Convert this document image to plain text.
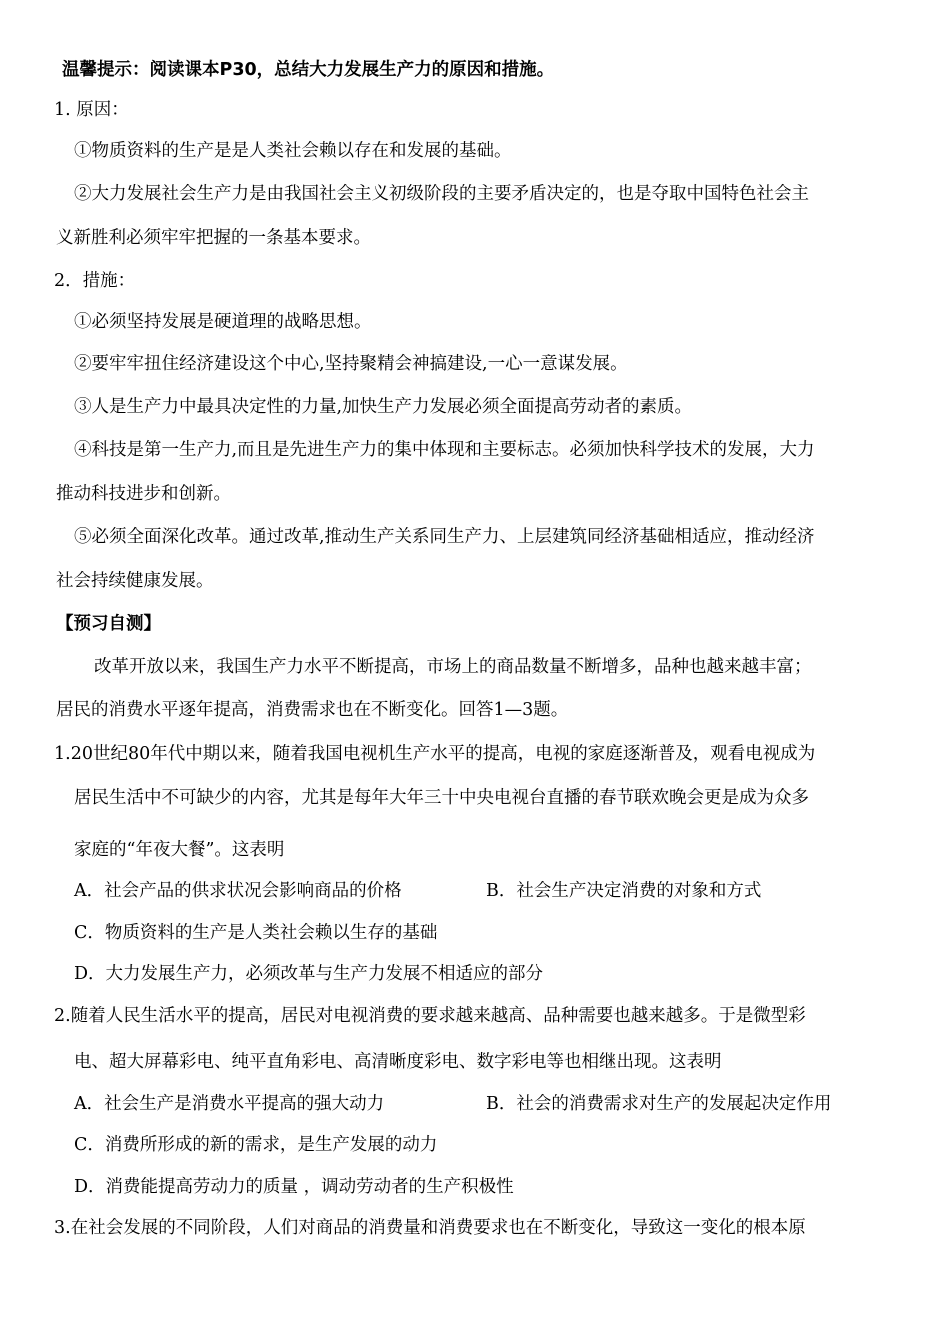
温馨提示：阅读课本P30，总结大力发展生产力的原因和措施。
1. 原因：
①物质资料的生产是是人类社会赖以存在和发展的基础。
②大力发展社会生产力是由我国社会主义初级阶段的主要矛盾决定的，也是夺取中国特色社会主
义新胜利必须牢牢把握的一条基本要求。
2．措施：
①必须坚持发展是硬道理的战略思想。
②要牢牢扭住经济建设这个中心,坚持聚精会神搞建设,一心一意谋发展。
③人是生产力中最具决定性的力量,加快生产力发展必须全面提高劳动者的素质。
④科技是第一生产力,而且是先进生产力的集中体现和主要标志。必须加快科学技术的发展，大力
推动科技进步和创新。
⑤必须全面深化改革。通过改革,推动生产关系同生产力、上层建筑同经济基础相适应，推动经济
社会持续健康发展。
【预习自测】
改革开放以来，我国生产力水平不断提高，市场上的商品数量不断增多，品种也越来越丰富；
居民的消费水平逐年提高，消费需求也在不断变化。回答1—3题。
1.20世纪80年代中期以来，随着我国电视机生产水平的提高，电视的家庭逐渐普及，观看电视成为
居民生活中不可缺少的内容，尤其是每年大年三十中央电视台直播的春节联欢晚会更是成为众多
家庭的“年夜大餐”。这表明
A．社会产品的供求状况会影响商品的价格	B．社会生产决定消费的对象和方式
C．物质资料的生产是人类社会赖以生存的基础
D．大力发展生产力，必须改革与生产力发展不相适应的部分
2.随着人民生活水平的提高，居民对电视消费的要求越来越高、品种需要也越来越多。于是微型彩
电、超大屏幕彩电、纯平直角彩电、高清晰度彩电、数字彩电等也相继出现。这表明
A．社会生产是消费水平提高的强大动力	B．社会的消费需求对生产的发展起决定作用
C．消费所形成的新的需求，是生产发展的动力
D．消费能提高劳动力的质量 ，调动劳动者的生产积极性
3.在社会发展的不同阶段，人们对商品的消费量和消费要求也在不断变化，导致这一变化的根本原
